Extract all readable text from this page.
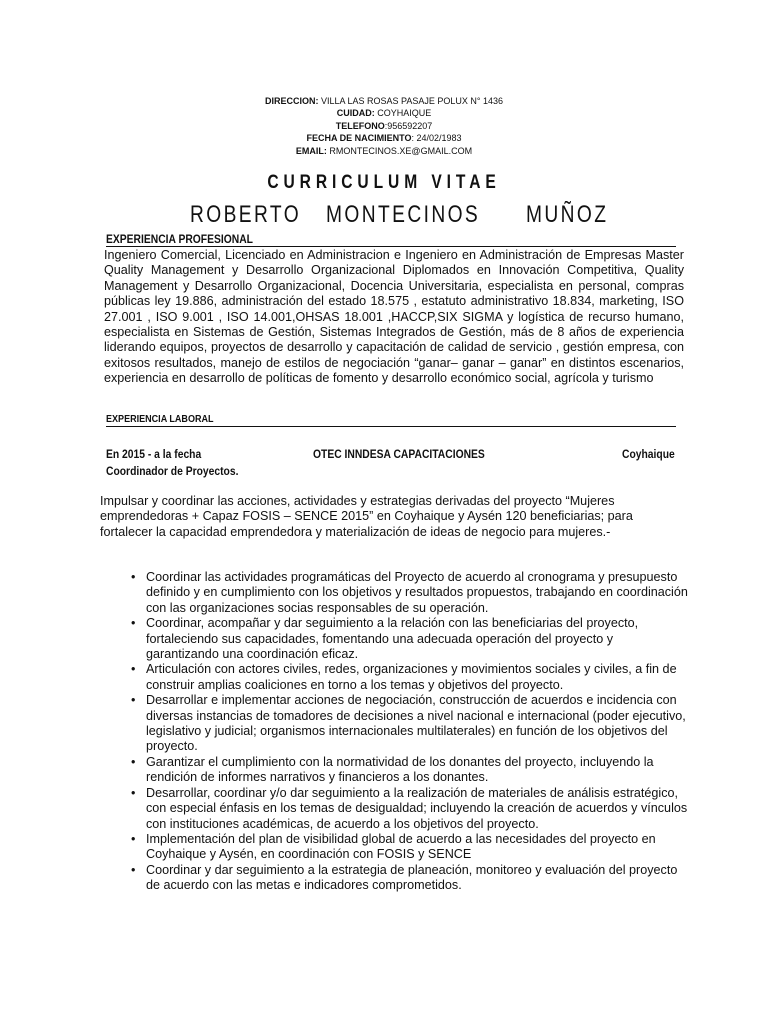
DIRECCION: VILLA LAS ROSAS PASAJE POLUX N° 1436
CUIDAD: COYHAIQUE
TELEFONO:956592207
FECHA DE NACIMIENTO: 24/02/1983
EMAIL: RMONTECINOS.XE@GMAIL.COM
CURRICULUM VITAE
ROBERTO MONTECINOS MUÑOZ
EXPERIENCIA PROFESIONAL
Ingeniero Comercial, Licenciado en Administracion e Ingeniero en Administración de Empresas Master Quality Management y Desarrollo Organizacional Diplomados en Innovación Competitiva, Quality Management y Desarrollo Organizacional, Docencia Universitaria, especialista en personal, compras públicas ley 19.886, administración del estado 18.575 , estatuto administrativo 18.834, marketing, ISO 27.001 , ISO 9.001 , ISO 14.001,OHSAS 18.001 ,HACCP,SIX SIGMA y logística de recurso humano, especialista en Sistemas de Gestión, Sistemas Integrados de Gestión, más de 8 años de experiencia liderando equipos, proyectos de desarrollo y capacitación de calidad de servicio , gestión empresa, con exitosos resultados, manejo de estilos de negociación “ganar– ganar – ganar” en distintos escenarios, experiencia en desarrollo de políticas de fomento y desarrollo económico social, agrícola y turismo
EXPERIENCIA LABORAL
En 2015 - a la fecha	OTEC INNDESA CAPACITACIONES	Coyhaique
Coordinador de Proyectos.
Impulsar y coordinar las acciones, actividades y estrategias derivadas del proyecto “Mujeres emprendedoras + Capaz FOSIS – SENCE 2015” en Coyhaique y Aysén 120 beneficiarias; para fortalecer la capacidad emprendedora y materialización de ideas de negocio para mujeres.-
• Coordinar las actividades programáticas del Proyecto de acuerdo al cronograma y presupuesto definido y en cumplimiento con los objetivos y resultados propuestos, trabajando en coordinación con las organizaciones socias responsables de su operación.
• Coordinar, acompañar y dar seguimiento a la relación con las beneficiarias del proyecto, fortaleciendo sus capacidades, fomentando una adecuada operación del proyecto y garantizando una coordinación eficaz.
• Articulación con actores civiles, redes, organizaciones y movimientos sociales y civiles, a fin de construir amplias coaliciones en torno a los temas y objetivos del proyecto.
• Desarrollar e implementar acciones de negociación, construcción de acuerdos e incidencia con diversas instancias de tomadores de decisiones a nivel nacional e internacional (poder ejecutivo, legislativo y judicial; organismos internacionales multilaterales) en función de los objetivos del proyecto.
• Garantizar el cumplimiento con la normatividad de los donantes del proyecto, incluyendo la rendición de informes narrativos y financieros a los donantes.
• Desarrollar, coordinar y/o dar seguimiento a la realización de materiales de análisis estratégico, con especial énfasis en los temas de desigualdad; incluyendo la creación de acuerdos y vínculos con instituciones académicas, de acuerdo a los objetivos del proyecto.
• Implementación del plan de visibilidad global de acuerdo a las necesidades del proyecto en Coyhaique y Aysén, en coordinación con FOSIS y SENCE
• Coordinar y dar seguimiento a la estrategia de planeación, monitoreo y evaluación del proyecto de acuerdo con las metas e indicadores comprometidos.
